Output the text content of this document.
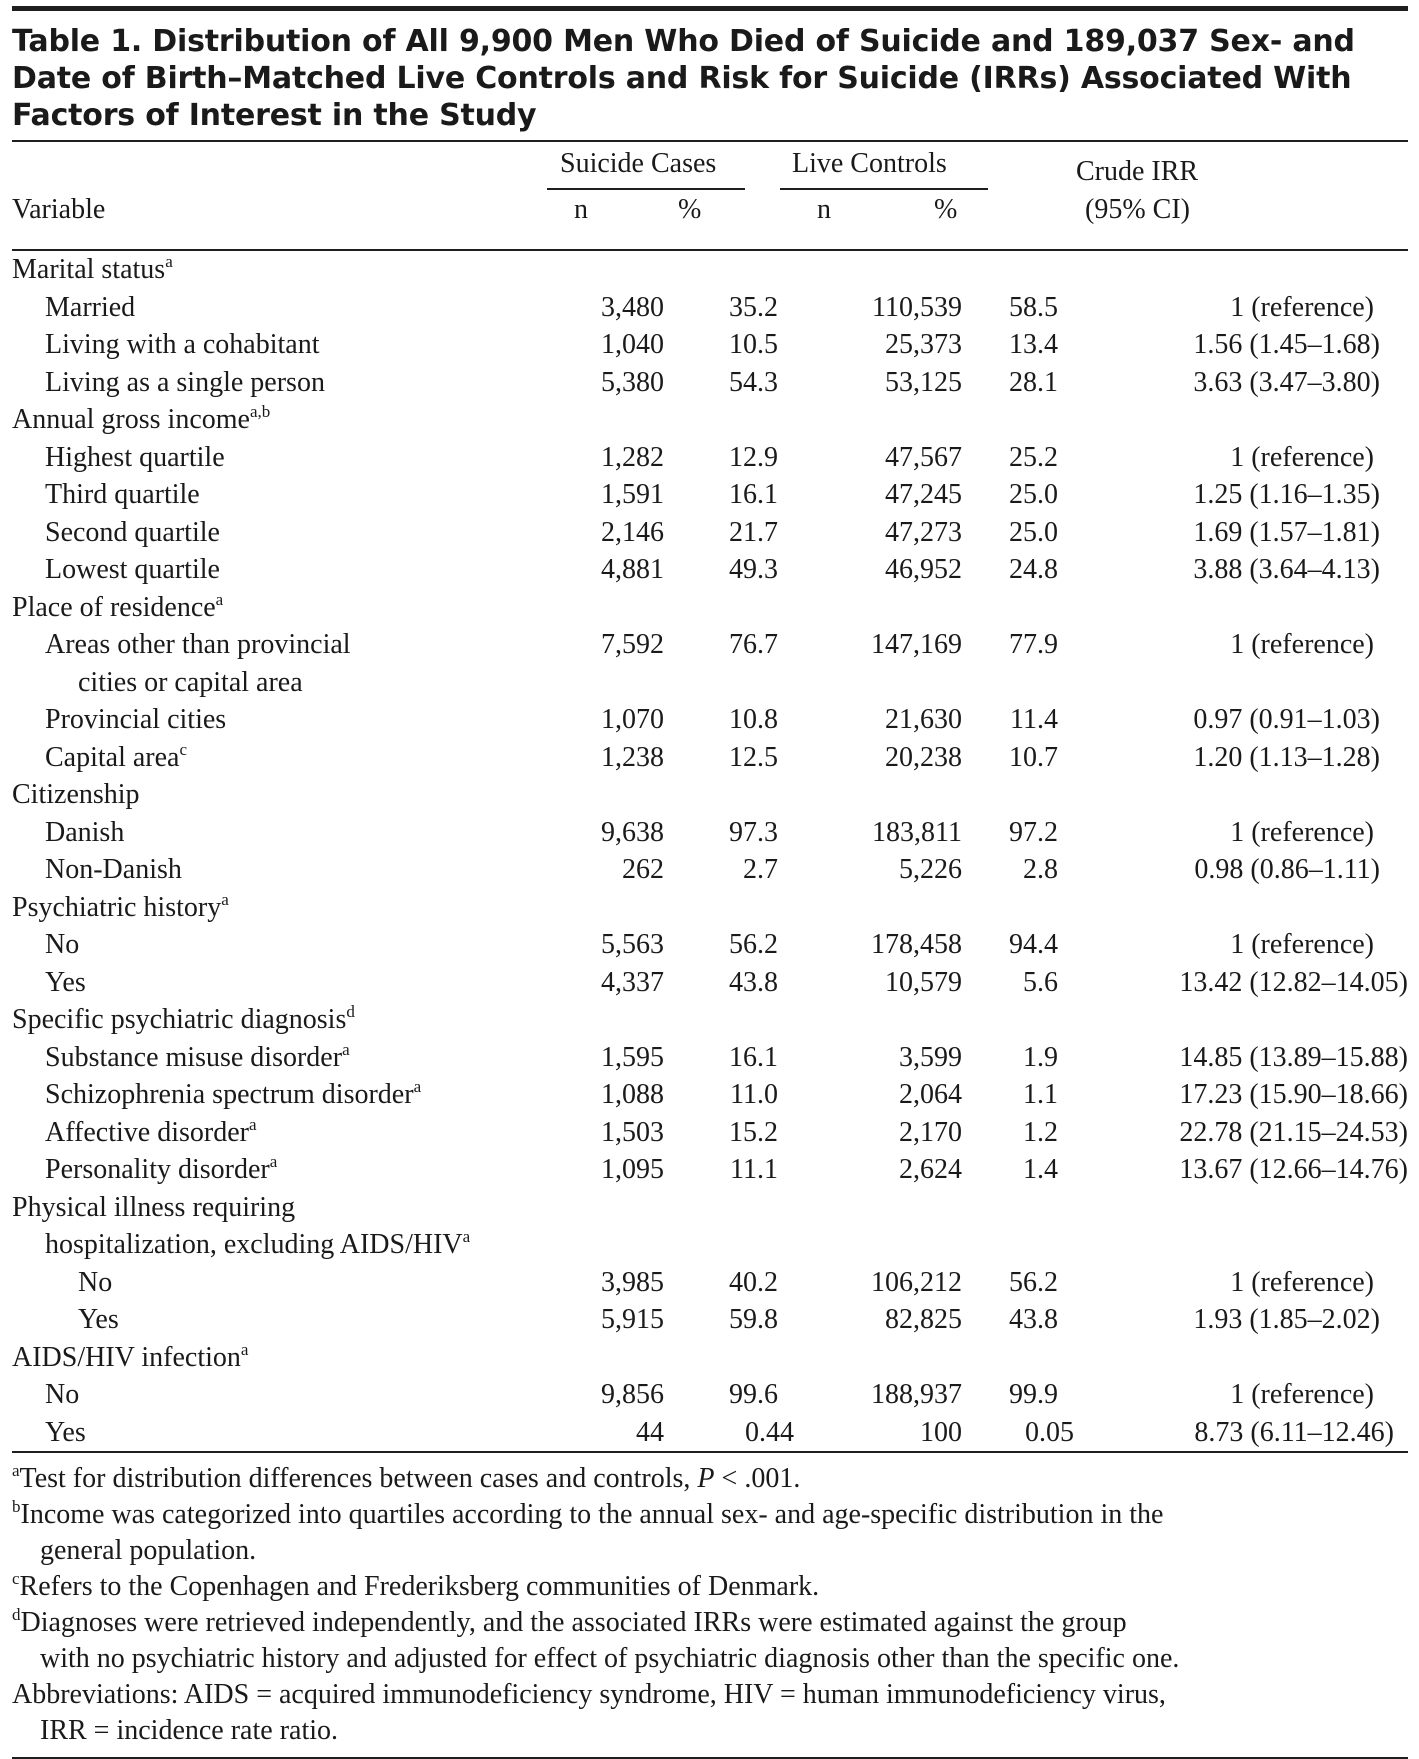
Table 1. Distribution of All 9,900 Men Who Died of Suicide and 189,037 Sex- and Date of Birth–Matched Live Controls and Risk for Suicide (IRRs) Associated With Factors of Interest in the Study
Suicide Cases	Live Controls	Crude IRR
(95% CI)
Variable	n	%	n	%
Marital status$^a$					
Married	3,480	35.2	110,539	58.5	1 (reference)
Living with a cohabitant	1,040	10.5	25,373	13.4	1.56 (1.45–1.68)
Living as a single person	5,380	54.3	53,125	28.1	3.63 (3.47–3.80)
Annual gross income$^{a,b}$					
Highest quartile	1,282	12.9	47,567	25.2	1 (reference)
Third quartile	1,591	16.1	47,245	25.0	1.25 (1.16–1.35)
Second quartile	2,146	21.7	47,273	25.0	1.69 (1.57–1.81)
Lowest quartile	4,881	49.3	46,952	24.8	3.88 (3.64–4.13)
Place of residence$^a$					
Areas other than provincial	7,592	76.7	147,169	77.9	1 (reference)
cities or capital area					
Provincial cities	1,070	10.8	21,630	11.4	0.97 (0.91–1.03)
Capital area$^c$	1,238	12.5	20,238	10.7	1.20 (1.13–1.28)
Citizenship					
Danish	9,638	97.3	183,811	97.2	1 (reference)
Non-Danish	262	2.7	5,226	2.8	0.98 (0.86–1.11)
Psychiatric history$^a$					
No	5,563	56.2	178,458	94.4	1 (reference)
Yes	4,337	43.8	10,579	5.6	13.42 (12.82–14.05)
Specific psychiatric diagnosis$^d$					
Substance misuse disorder$^a$	1,595	16.1	3,599	1.9	14.85 (13.89–15.88)
Schizophrenia spectrum disorder$^a$	1,088	11.0	2,064	1.1	17.23 (15.90–18.66)
Affective disorder$^a$	1,503	15.2	2,170	1.2	22.78 (21.15–24.53)
Personality disorder$^a$	1,095	11.1	2,624	1.4	13.67 (12.66–14.76)
Physical illness requiring					
hospitalization, excluding AIDS/HIV$^a$					
No	3,985	40.2	106,212	56.2	1 (reference)
Yes	5,915	59.8	82,825	43.8	1.93 (1.85–2.02)
AIDS/HIV infection$^a$					
No	9,856	99.6	188,937	99.9	1 (reference)
Yes	44	0.44	100	0.05	8.73 (6.11–12.46)
$^a$Test for distribution differences between cases and controls, P < .001.
$^b$Income was categorized into quartiles according to the annual sex- and age-specific distribution in the
general population.
$^c$Refers to the Copenhagen and Frederiksberg communities of Denmark.
$^d$Diagnoses were retrieved independently, and the associated IRRs were estimated against the group
with no psychiatric history and adjusted for effect of psychiatric diagnosis other than the specific one.
Abbreviations: AIDS = acquired immunodeficiency syndrome, HIV = human immunodeficiency virus,
IRR = incidence rate ratio.
